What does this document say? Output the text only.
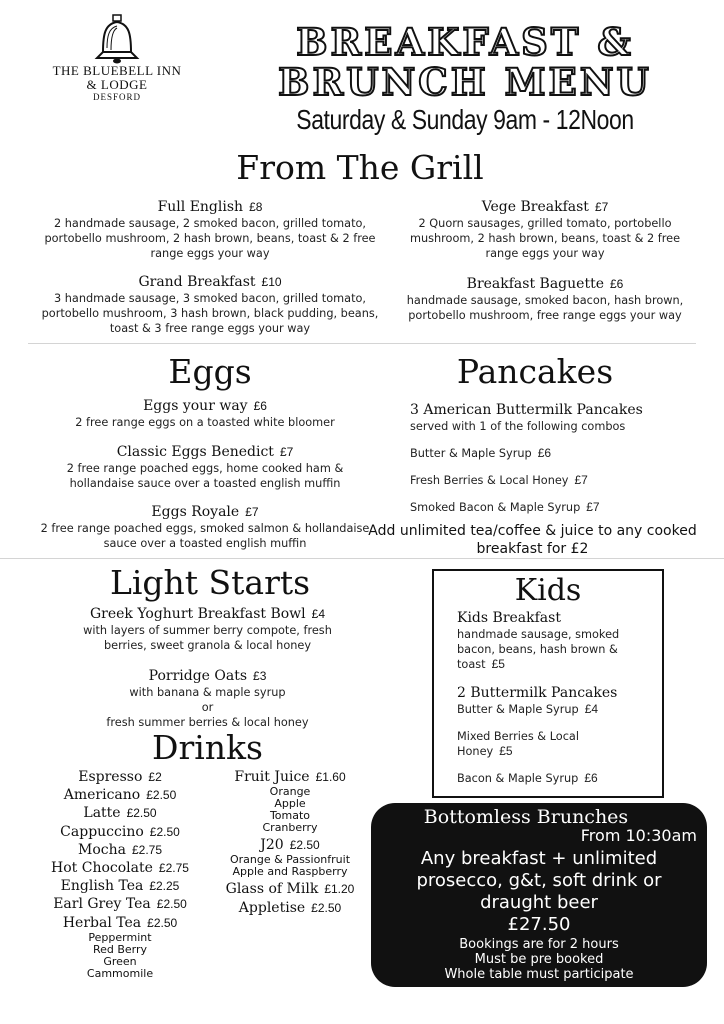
THE BLUEBELL INN
& LODGE
DESFORD
BREAKFAST &
BRUNCH MENU
Saturday & Sunday 9am - 12Noon
From The Grill
Full English £8
2 handmade sausage, 2 smoked bacon, grilled tomato, portobello mushroom, 2 hash brown, beans, toast & 2 free range eggs your way
Vege Breakfast £7
2 Quorn sausages, grilled tomato, portobello mushroom, 2 hash brown, beans, toast & 2 free range eggs your way
Grand Breakfast £10
3 handmade sausage, 3 smoked bacon, grilled tomato, portobello mushroom, 3 hash brown, black pudding, beans, toast & 3 free range eggs your way
Breakfast Baguette £6
handmade sausage, smoked bacon, hash brown, portobello mushroom, free range eggs your way
Eggs
Eggs your way £6
2 free range eggs on a toasted white bloomer
Classic Eggs Benedict £7
2 free range poached eggs, home cooked ham & hollandaise sauce over a toasted english muffin
Eggs Royale £7
2 free range poached eggs, smoked salmon & hollandaise sauce over a toasted english muffin
Pancakes
3 American Buttermilk Pancakes
served with 1 of the following combos
Butter & Maple Syrup £6
Fresh Berries & Local Honey £7
Smoked Bacon & Maple Syrup £7
Add unlimited tea/coffee & juice to any cooked breakfast for £2
Light Starts
Greek Yoghurt Breakfast Bowl £4
with layers of summer berry compote, fresh berries, sweet granola & local honey
Porridge Oats £3
with banana & maple syrup
or
fresh summer berries & local honey
Kids
Kids Breakfast
handmade sausage, smoked bacon, beans, hash brown & toast £5
2 Buttermilk Pancakes
Butter & Maple Syrup £4
Mixed Berries & Local Honey £5
Bacon & Maple Syrup £6
Drinks
Espresso £2
Americano £2.50
Latte £2.50
Cappuccino £2.50
Mocha £2.75
Hot Chocolate £2.75
English Tea £2.25
Earl Grey Tea £2.50
Herbal Tea £2.50
Peppermint
Red Berry
Green
Cammomile
Fruit Juice £1.60
Orange
Apple
Tomato
Cranberry
J20 £2.50
Orange & Passionfruit
Apple and Raspberry
Glass of Milk £1.20
Appletise £2.50
Bottomless Brunches
From 10:30am
Any breakfast + unlimited
prosecco, g&t, soft drink or
draught beer
£27.50
Bookings are for 2 hours
Must be pre booked
Whole table must participate
